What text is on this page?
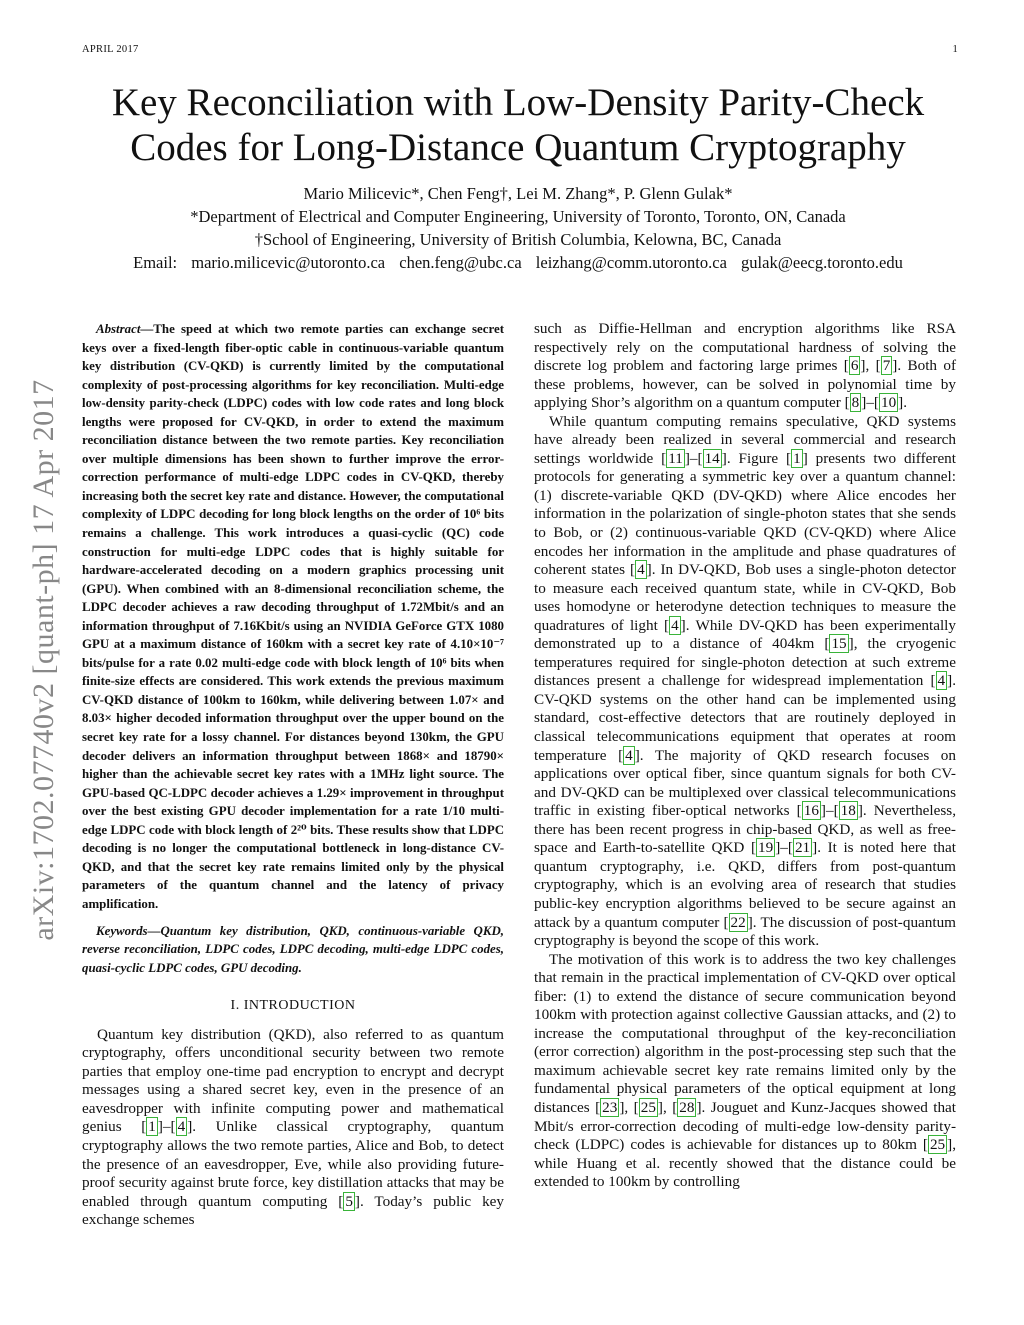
APRIL 2017	1
arXiv:1702.07740v2 [quant-ph] 17 Apr 2017
Key Reconciliation with Low-Density Parity-Check
Codes for Long-Distance Quantum Cryptography

Mario Milicevic*, Chen Feng†, Lei M. Zhang*, P. Glenn Gulak*

*Department of Electrical and Computer Engineering, University of Toronto, Toronto, ON, Canada

†School of Engineering, University of British Columbia, Kelowna, BC, Canada

Email: mario.milicevic@utoronto.ca chen.feng@ubc.ca leizhang@comm.utoronto.ca gulak@eecg.toronto.edu

Abstract—The speed at which two remote parties can exchange secret keys over a fixed-length fiber-optic cable in continuous-variable quantum key distribution (CV-QKD) is currently limited by the computational complexity of post-processing algorithms for key reconciliation. Multi-edge low-density parity-check (LDPC) codes with low code rates and long block lengths were proposed for CV-QKD, in order to extend the maximum reconciliation distance between the two remote parties. Key reconciliation over multiple dimensions has been shown to further improve the error-correction performance of multi-edge LDPC codes in CV-QKD, thereby increasing both the secret key rate and distance. However, the computational complexity of LDPC decoding for long block lengths on the order of 10⁶ bits remains a challenge. This work introduces a quasi-cyclic (QC) code construction for multi-edge LDPC codes that is highly suitable for hardware-accelerated decoding on a modern graphics processing unit (GPU). When combined with an 8-dimensional reconciliation scheme, the LDPC decoder achieves a raw decoding throughput of 1.72Mbit/s and an information throughput of 7.16Kbit/s using an NVIDIA GeForce GTX 1080 GPU at a maximum distance of 160km with a secret key rate of 4.10×10⁻⁷ bits/pulse for a rate 0.02 multi-edge code with block length of 10⁶ bits when finite-size effects are considered. This work extends the previous maximum CV-QKD distance of 100km to 160km, while delivering between 1.07× and 8.03× higher decoded information throughput over the upper bound on the secret key rate for a lossy channel. For distances beyond 130km, the GPU decoder delivers an information throughput between 1868× and 18790× higher than the achievable secret key rates with a 1MHz light source. The GPU-based QC-LDPC decoder achieves a 1.29× improvement in throughput over the best existing GPU decoder implementation for a rate 1/10 multi-edge LDPC code with block length of 2²⁰ bits. These results show that LDPC decoding is no longer the computational bottleneck in long-distance CV-QKD, and that the secret key rate remains limited only by the physical parameters of the quantum channel and the latency of privacy amplification.

Keywords—Quantum key distribution, QKD, continuous-variable QKD, reverse reconciliation, LDPC codes, LDPC decoding, multi-edge LDPC codes, quasi-cyclic LDPC codes, GPU decoding.

I. INTRODUCTION

Quantum key distribution (QKD), also referred to as quantum cryptography, offers unconditional security between two remote parties that employ one-time pad encryption to encrypt and decrypt messages using a shared secret key, even in the presence of an eavesdropper with infinite computing power and mathematical genius [ 1 ]–[ 4 ]. Unlike classical cryptography, quantum cryptography allows the two remote parties, Alice and Bob, to detect the presence of an eavesdropper, Eve, while also providing future-proof security against brute force, key distillation attacks that may be enabled through quantum computing [ 5 ]. Today’s public key exchange schemes

such as Diffie-Hellman and encryption algorithms like RSA respectively rely on the computational hardness of solving the discrete log problem and factoring large primes [ 6 ], [ 7 ]. Both of these problems, however, can be solved in polynomial time by applying Shor’s algorithm on a quantum computer [ 8 ]–[ 10 ].

While quantum computing remains speculative, QKD systems have already been realized in several commercial and research settings worldwide [ 11 ]–[ 14 ]. Figure [ 1 ] presents two different protocols for generating a symmetric key over a quantum channel: (1) discrete-variable QKD (DV-QKD) where Alice encodes her information in the polarization of single-photon states that she sends to Bob, or (2) continuous-variable QKD (CV-QKD) where Alice encodes her information in the amplitude and phase quadratures of coherent states [ 4 ]. In DV-QKD, Bob uses a single-photon detector to measure each received quantum state, while in CV-QKD, Bob uses homodyne or heterodyne detection techniques to measure the quadratures of light [ 4 ]. While DV-QKD has been experimentally demonstrated up to a distance of 404km [ 15 ], the cryogenic temperatures required for single-photon detection at such extreme distances present a challenge for widespread implementation [ 4 ]. CV-QKD systems on the other hand can be implemented using standard, cost-effective detectors that are routinely deployed in classical telecommunications equipment that operates at room temperature [ 4 ]. The majority of QKD research focuses on applications over optical fiber, since quantum signals for both CV- and DV-QKD can be multiplexed over classical telecommunications traffic in existing fiber-optical networks [ 16 ]–[ 18 ]. Nevertheless, there has been recent progress in chip-based QKD, as well as free-space and Earth-to-satellite QKD [ 19 ]–[ 21 ]. It is noted here that quantum cryptography, i.e. QKD, differs from post-quantum cryptography, which is an evolving area of research that studies public-key encryption algorithms believed to be secure against an attack by a quantum computer [ 22 ]. The discussion of post-quantum cryptography is beyond the scope of this work.

The motivation of this work is to address the two key challenges that remain in the practical implementation of CV-QKD over optical fiber: (1) to extend the distance of secure communication beyond 100km with protection against collective Gaussian attacks, and (2) to increase the computational throughput of the key-reconciliation (error correction) algorithm in the post-processing step such that the maximum achievable secret key rate remains limited only by the fundamental physical parameters of the optical equipment at long distances [ 23 ], [ 25 ], [ 28 ]. Jouguet and Kunz-Jacques showed that Mbit/s error-correction decoding of multi-edge low-density parity-check (LDPC) codes is achievable for distances up to 80km [ 25 ], while Huang et al. recently showed that the distance could be extended to 100km by controlling
